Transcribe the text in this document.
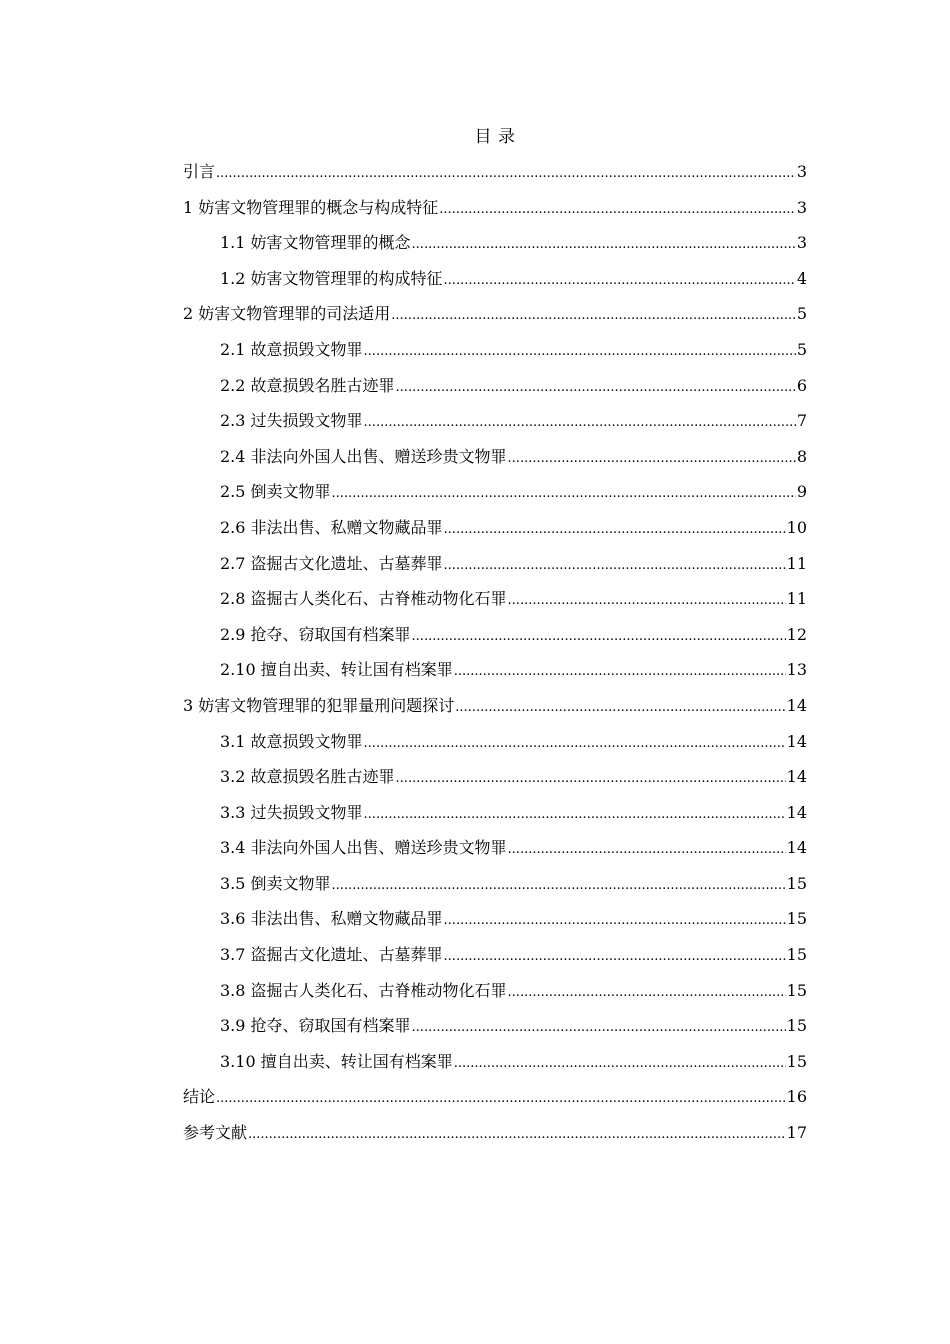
目 录
引言 .....	3
1 妨害文物管理罪的概念与构成特征 .....	3
1.1 妨害文物管理罪的概念 .....	3
1.2 妨害文物管理罪的构成特征 .....	4
2 妨害文物管理罪的司法适用 .....	5
2.1 故意损毁文物罪 .....	5
2.2 故意损毁名胜古迹罪 .....	6
2.3 过失损毁文物罪 .....	7
2.4 非法向外国人出售、赠送珍贵文物罪 .....	8
2.5 倒卖文物罪 .....	9
2.6 非法出售、私赠文物藏品罪 .....	10
2.7 盗掘古文化遗址、古墓葬罪 .....	11
2.8 盗掘古人类化石、古脊椎动物化石罪 .....	11
2.9 抢夺、窃取国有档案罪 .....	12
2.10 擅自出卖、转让国有档案罪 .....	13
3 妨害文物管理罪的犯罪量刑问题探讨 .....	14
3.1 故意损毁文物罪 .....	14
3.2 故意损毁名胜古迹罪 .....	14
3.3 过失损毁文物罪 .....	14
3.4 非法向外国人出售、赠送珍贵文物罪 .....	14
3.5 倒卖文物罪 .....	15
3.6 非法出售、私赠文物藏品罪 .....	15
3.7 盗掘古文化遗址、古墓葬罪 .....	15
3.8 盗掘古人类化石、古脊椎动物化石罪 .....	15
3.9 抢夺、窃取国有档案罪 .....	15
3.10 擅自出卖、转让国有档案罪 .....	15
结论 .....	16
参考文献 .....	17
